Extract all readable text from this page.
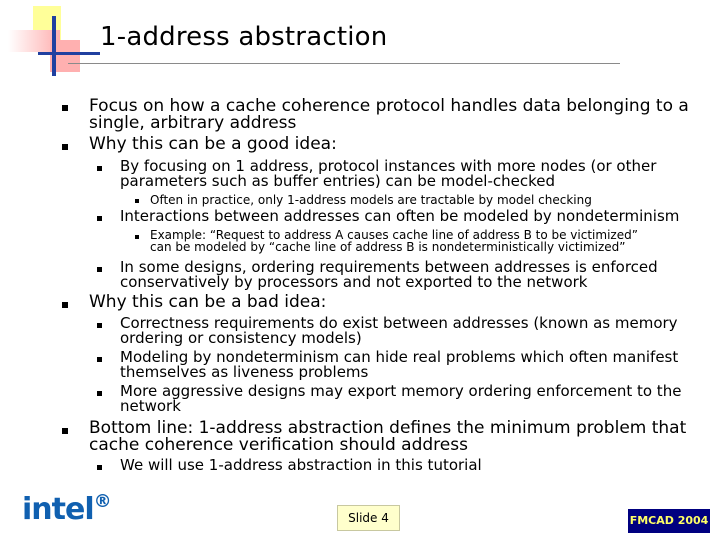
1-address abstraction
Focus on how a cache coherence protocol handles data belonging to a
single, arbitrary address
Why this can be a good idea:
By focusing on 1 address, protocol instances with more nodes (or other
parameters such as buffer entries) can be model-checked
Often in practice, only 1-address models are tractable by model checking
Interactions between addresses can often be modeled by nondeterminism
Example: “Request to address A causes cache line of address B to be victimized”
can be modeled by “cache line of address B is nondeterministically victimized”
In some designs, ordering requirements between addresses is enforced
conservatively by processors and not exported to the network
Why this can be a bad idea:
Correctness requirements do exist between addresses (known as memory
ordering or consistency models)
Modeling by nondeterminism can hide real problems which often manifest
themselves as liveness problems
More aggressive designs may export memory ordering enforcement to the
network
Bottom line: 1-address abstraction defines the minimum problem that
cache coherence verification should address
We will use 1-address abstraction in this tutorial
intel®
Slide 4	FMCAD 2004
